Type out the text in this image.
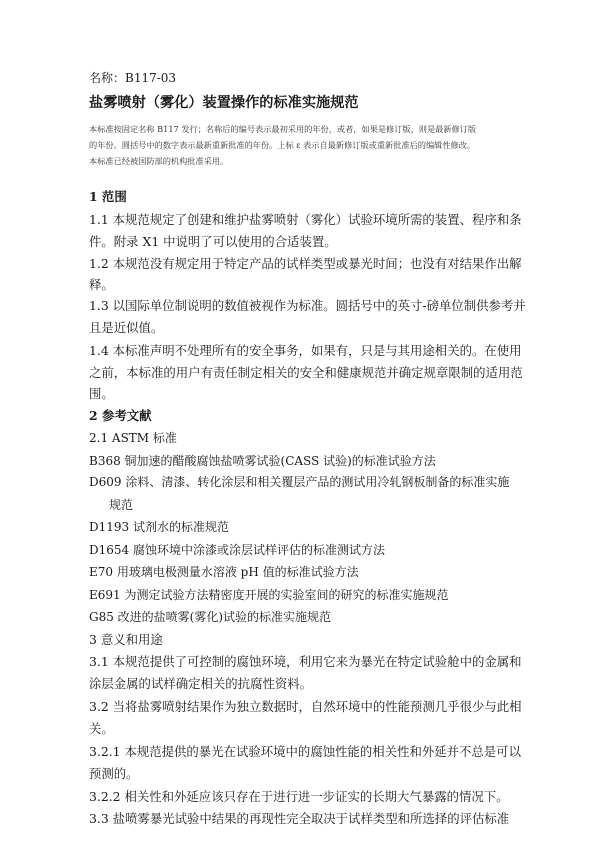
名称：B117-03
盐雾喷射（雾化）装置操作的标准实施规范
本标准按固定名称 B117 发行；名称后的编号表示最初采用的年份，或者，如果是修订版，则是最新修订版
的年份。圆括号中的数字表示最新重新批准的年份。上标 ε 表示自最新修订版或重新批准后的编辑性修改。
本标准已经被国防部的机构批准采用。
1 范围
1.1 本规范规定了创建和维护盐雾喷射（雾化）试验环境所需的装置、程序和条
件。附录 X1 中说明了可以使用的合适装置。
1.2 本规范没有规定用于特定产品的试样类型或暴光时间；也没有对结果作出解
释。
1.3 以国际单位制说明的数值被视作为标准。圆括号中的英寸-磅单位制供参考并
且是近似值。
1.4 本标准声明不处理所有的安全事务，如果有，只是与其用途相关的。在使用
之前，本标准的用户有责任制定相关的安全和健康规范并确定规章限制的适用范
围。
2 参考文献
2.1 ASTM 标准
B368 铜加速的醋酸腐蚀盐喷雾试验(CASS 试验)的标准试验方法
D609 涂料、清漆、转化涂层和相关覆层产品的测试用冷轧钢板制备的标准实施
规范
D1193 试剂水的标准规范
D1654 腐蚀环境中涂漆或涂层试样评估的标准测试方法
E70 用玻璃电极测量水溶液 pH 值的标准试验方法
E691 为测定试验方法精密度开展的实验室间的研究的标准实施规范
G85 改进的盐喷雾(雾化)试验的标准实施规范
3 意义和用途
3.1 本规范提供了可控制的腐蚀环境，利用它来为暴光在特定试验舱中的金属和
涂层金属的试样确定相关的抗腐性资料。
3.2 当将盐雾喷射结果作为独立数据时，自然环境中的性能预测几乎很少与此相
关。
3.2.1 本规范提供的暴光在试验环境中的腐蚀性能的相关性和外延并不总是可以
预测的。
3.2.2 相关性和外延应该只存在于进行进一步证实的长期大气暴露的情况下。
3.3 盐喷雾暴光试验中结果的再现性完全取决于试样类型和所选择的评估标准
